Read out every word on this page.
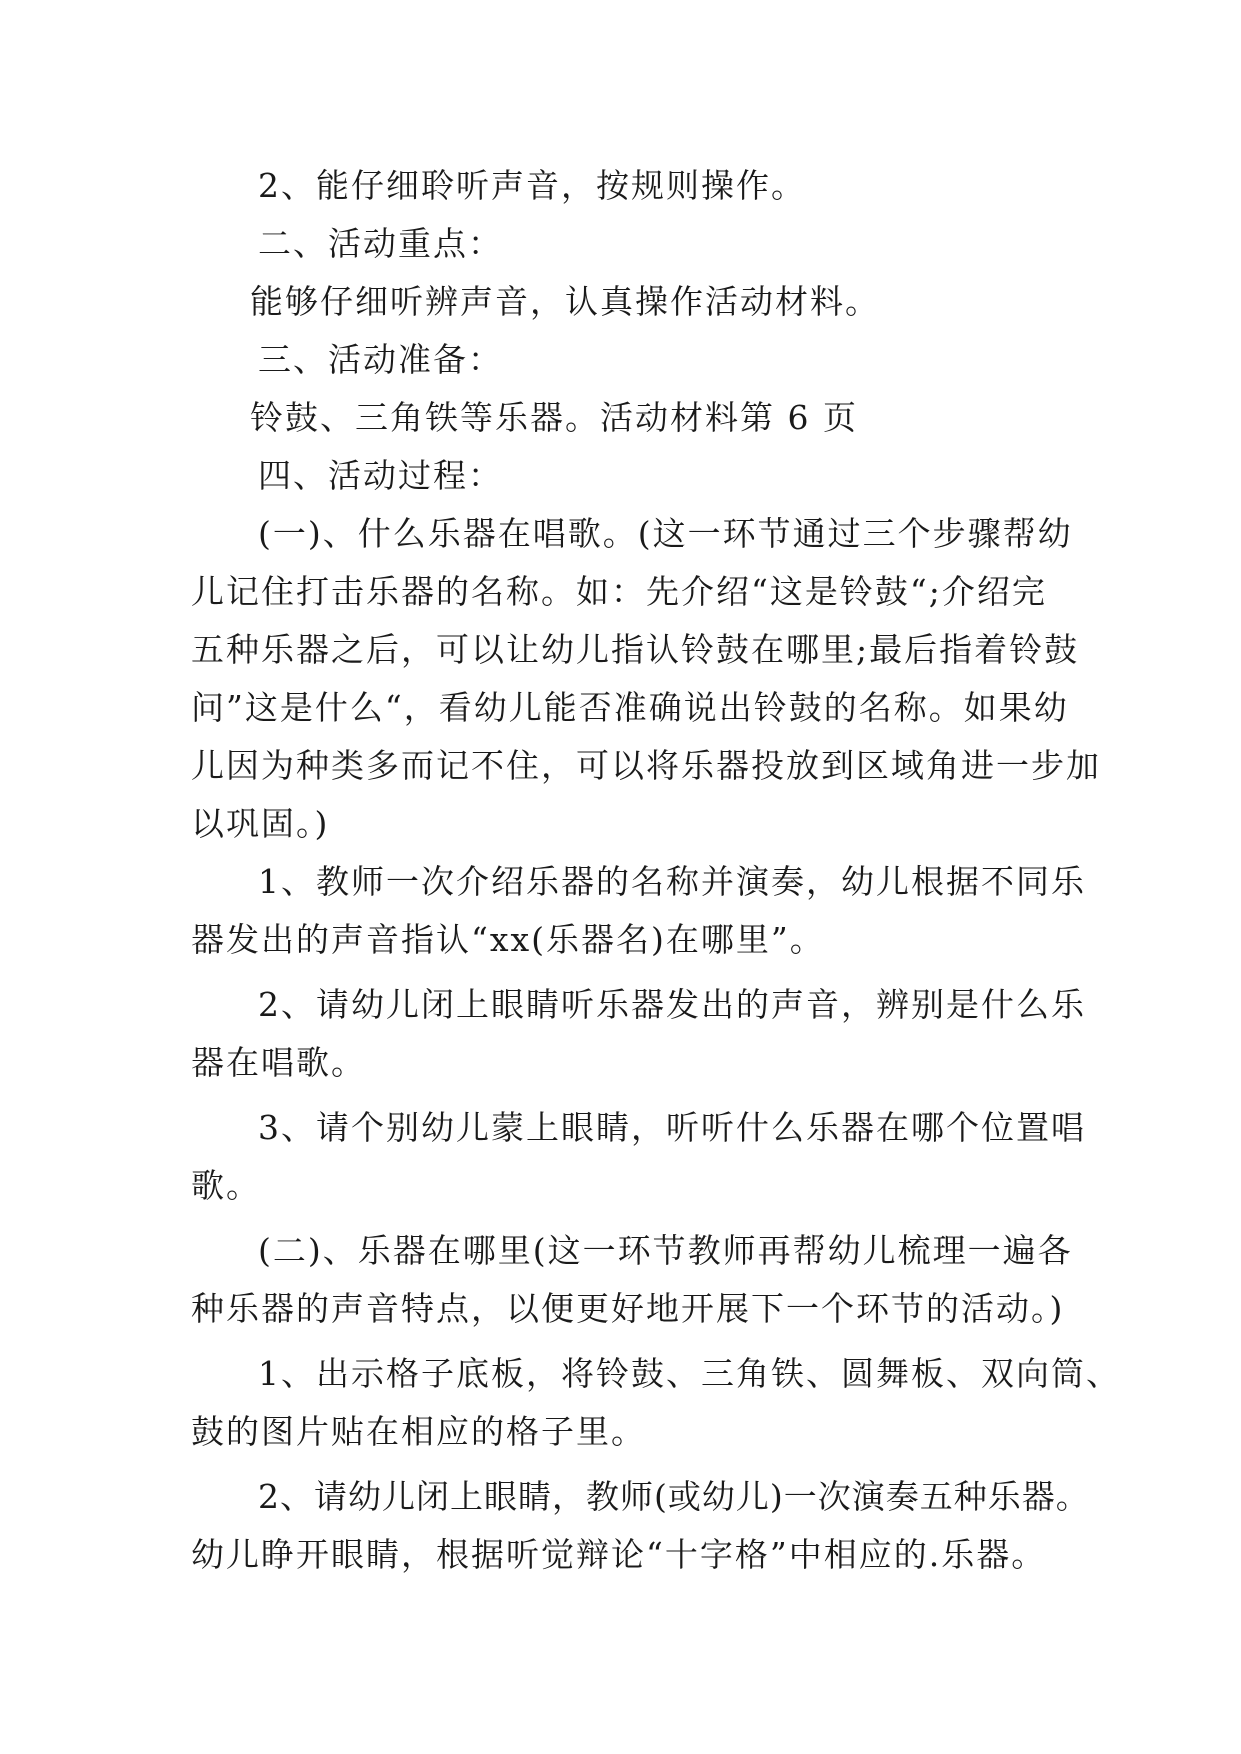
2、能仔细聆听声音，按规则操作。

二、活动重点：

能够仔细听辨声音，认真操作活动材料。

三、活动准备：

铃鼓、三角铁等乐器。活动材料第 6 页

四、活动过程：

(一)、什么乐器在唱歌。(这一环节通过三个步骤帮幼

儿记住打击乐器的名称。如：先介绍“这是铃鼓“;介绍完

五种乐器之后，可以让幼儿指认铃鼓在哪里;最后指着铃鼓

问”这是什么“，看幼儿能否准确说出铃鼓的名称。如果幼

儿因为种类多而记不住，可以将乐器投放到区域角进一步加

以巩固。)

1、教师一次介绍乐器的名称并演奏，幼儿根据不同乐

器发出的声音指认“xx(乐器名)在哪里”。

2、请幼儿闭上眼睛听乐器发出的声音，辨别是什么乐

器在唱歌。

3、请个别幼儿蒙上眼睛，听听什么乐器在哪个位置唱

歌。

(二)、乐器在哪里(这一环节教师再帮幼儿梳理一遍各

种乐器的声音特点，以便更好地开展下一个环节的活动。)

1、出示格子底板，将铃鼓、三角铁、圆舞板、双向筒、

鼓的图片贴在相应的格子里。

2、请幼儿闭上眼睛，教师(或幼儿)一次演奏五种乐器。

幼儿睁开眼睛，根据听觉辩论“十字格”中相应的.乐器。
